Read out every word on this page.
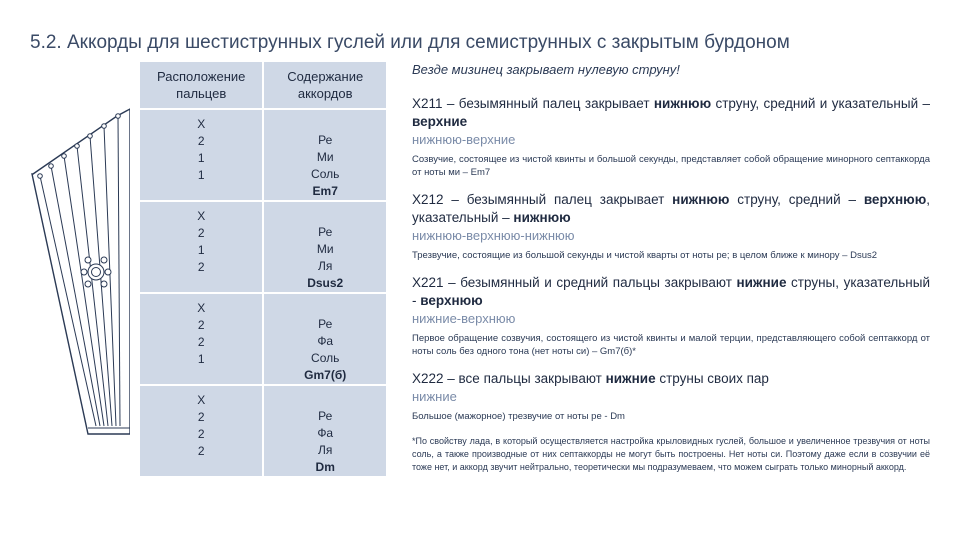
5.2. Аккорды для шестиструнных гуслей или для семиструнных с закрытым бурдоном
Расположение пальцев	Содержание аккордов

X
2
1
1	Ре
Ми
Соль
Em7

X
2
1
2	Ре
Ми
Ля
Dsus2

X
2
2
1	Ре
Фа
Соль
Gm7(б)

X
2
2
2	Ре
Фа
Ля
Dm
Везде мизинец закрывает нулевую струну!
Х211 – безымянный палец закрывает нижнюю струну, средний и указательный – верхние
нижнюю-верхние
Созвучие, состоящее из чистой квинты и большой секунды, представляет собой обращение минорного септаккорда от ноты ми – Em7
Х212 – безымянный палец закрывает нижнюю струну, средний – верхнюю, указательный – нижнюю
нижнюю-верхнюю-нижнюю
Трезвучие, состоящие из большой секунды и чистой кварты от ноты ре; в целом ближе к минору – Dsus2
Х221 – безымянный и средний пальцы закрывают нижние струны, указательный - верхнюю
нижние-верхнюю
Первое обращение созвучия, состоящего из чистой квинты и малой терции, представляющего собой септаккорд от ноты соль без одного тона (нет ноты си) – Gm7(б)*
Х222 – все пальцы закрывают нижние струны своих пар
нижние
Большое (мажорное) трезвучие от ноты ре - Dm
*По свойству лада, в который осуществляется настройка крыловидных гуслей, большое и увеличенное трезвучия от ноты соль, а также производные от них септаккорды не могут быть построены. Нет ноты си. Поэтому даже если в созвучии её тоже нет, и аккорд звучит нейтрально, теоретически мы подразумеваем, что можем сыграть только минорный аккорд.
